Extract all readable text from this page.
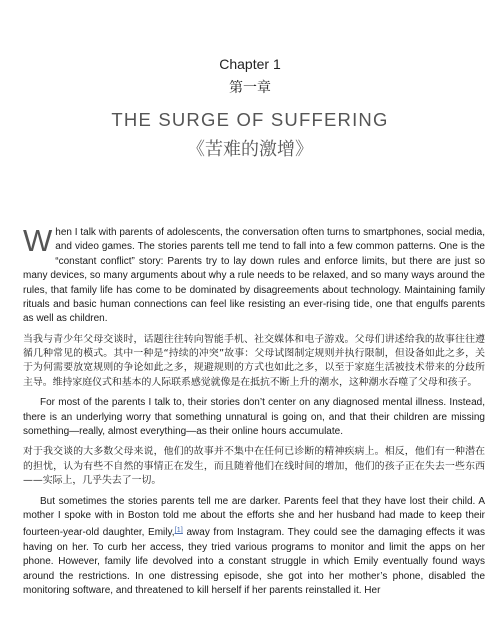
Chapter 1
第一章
THE SURGE OF SUFFERING
《苦难的激增》

When I talk with parents of adolescents, the conversation often turns to smartphones, social media, and video games. The stories parents tell me tend to fall into a few common patterns. One is the “constant conflict” story: Parents try to lay down rules and enforce limits, but there are just so many devices, so many arguments about why a rule needs to be relaxed, and so many ways around the rules, that family life has come to be dominated by disagreements about technology. Maintaining family rituals and basic human connections can feel like resisting an ever-rising tide, one that engulfs parents as well as children.

当我与青少年父母交谈时，话题往往转向智能手机、社交媒体和电子游戏。父母们讲述给我的故事往往遵循几种常见的模式。其中一种是“持续的冲突”故事：父母试图制定规则并执行限制，但设备如此之多，关于为何需要放宽规则的争论如此之多，规避规则的方式也如此之多，以至于家庭生活被技术带来的分歧所主导。维持家庭仪式和基本的人际联系感觉就像是在抵抗不断上升的潮水，这种潮水吞噬了父母和孩子。

For most of the parents I talk to, their stories don’t center on any diagnosed mental illness. Instead, there is an underlying worry that something unnatural is going on, and that their children are missing something—really, almost everything—as their online hours accumulate.

对于我交谈的大多数父母来说，他们的故事并不集中在任何已诊断的精神疾病上。相反，他们有一种潜在的担忧，认为有些不自然的事情正在发生，而且随着他们在线时间的增加，他们的孩子正在失去一些东西——实际上，几乎失去了一切。

But sometimes the stories parents tell me are darker. Parents feel that they have lost their child. A mother I spoke with in Boston told me about the efforts she and her husband had made to keep their fourteen-year-old daughter, Emily,[1] away from Instagram. They could see the damaging effects it was having on her. To curb her access, they tried various programs to monitor and limit the apps on her phone. However, family life devolved into a constant struggle in which Emily eventually found ways around the restrictions. In one distressing episode, she got into her mother’s phone, disabled the monitoring software, and threatened to kill herself if her parents reinstalled it. Her
